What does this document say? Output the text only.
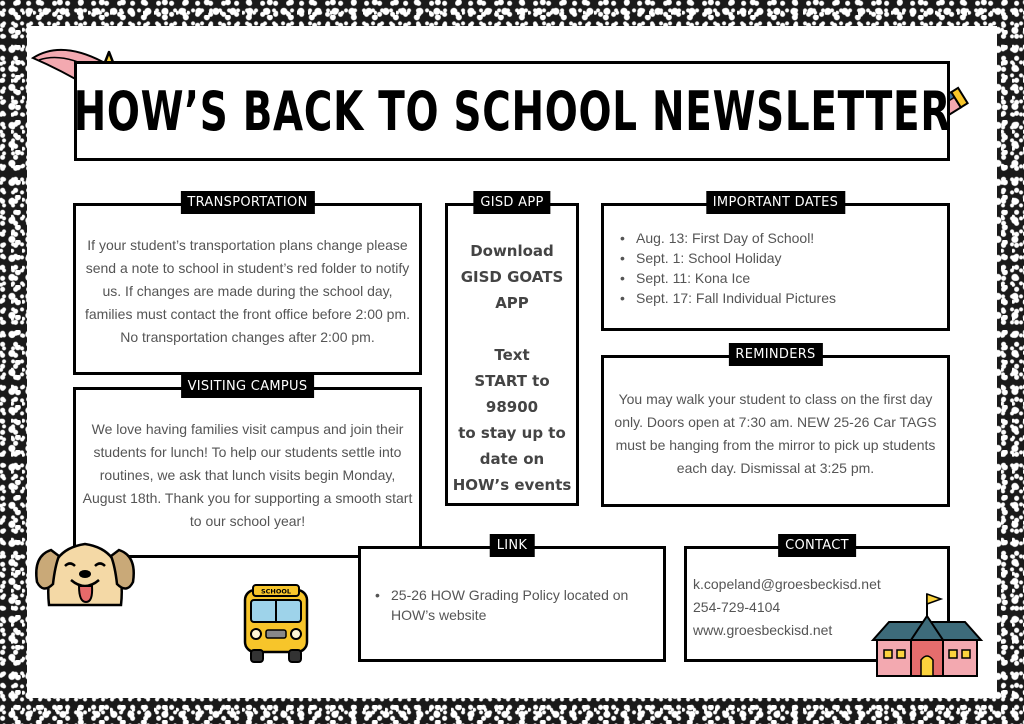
HOW’S BACK TO SCHOOL NEWSLETTER
TRANSPORTATION

If your student’s transportation plans change please send a note to school in student’s red folder to notify us. If changes are made during the school day, families must contact the front office before 2:00 pm. No transportation changes after 2:00 pm.

VISITING CAMPUS

We love having families visit campus and join their students for lunch! To help our students settle into routines, we ask that lunch visits begin Monday, August 18th. Thank you for supporting a smooth start to our school year!

GISD APP
Download
GISD GOATS
APP
Text
START to
98900
to stay up to
date on
HOW’s events
IMPORTANT DATES
• Aug. 13: First Day of School!
• Sept. 1: School Holiday
• Sept. 11: Kona Ice
• Sept. 17: Fall Individual Pictures
REMINDERS

You may walk your student to class on the first day only. Doors open at 7:30 am. NEW 25-26 Car TAGS must be hanging from the mirror to pick up students each day. Dismissal at 3:25 pm.

LINK
• 25-26 HOW Grading Policy located on HOW’s website
CONTACT
k.copeland@groesbeckisd.net
254-729-4104
www.groesbeckisd.net
SCHOOL
